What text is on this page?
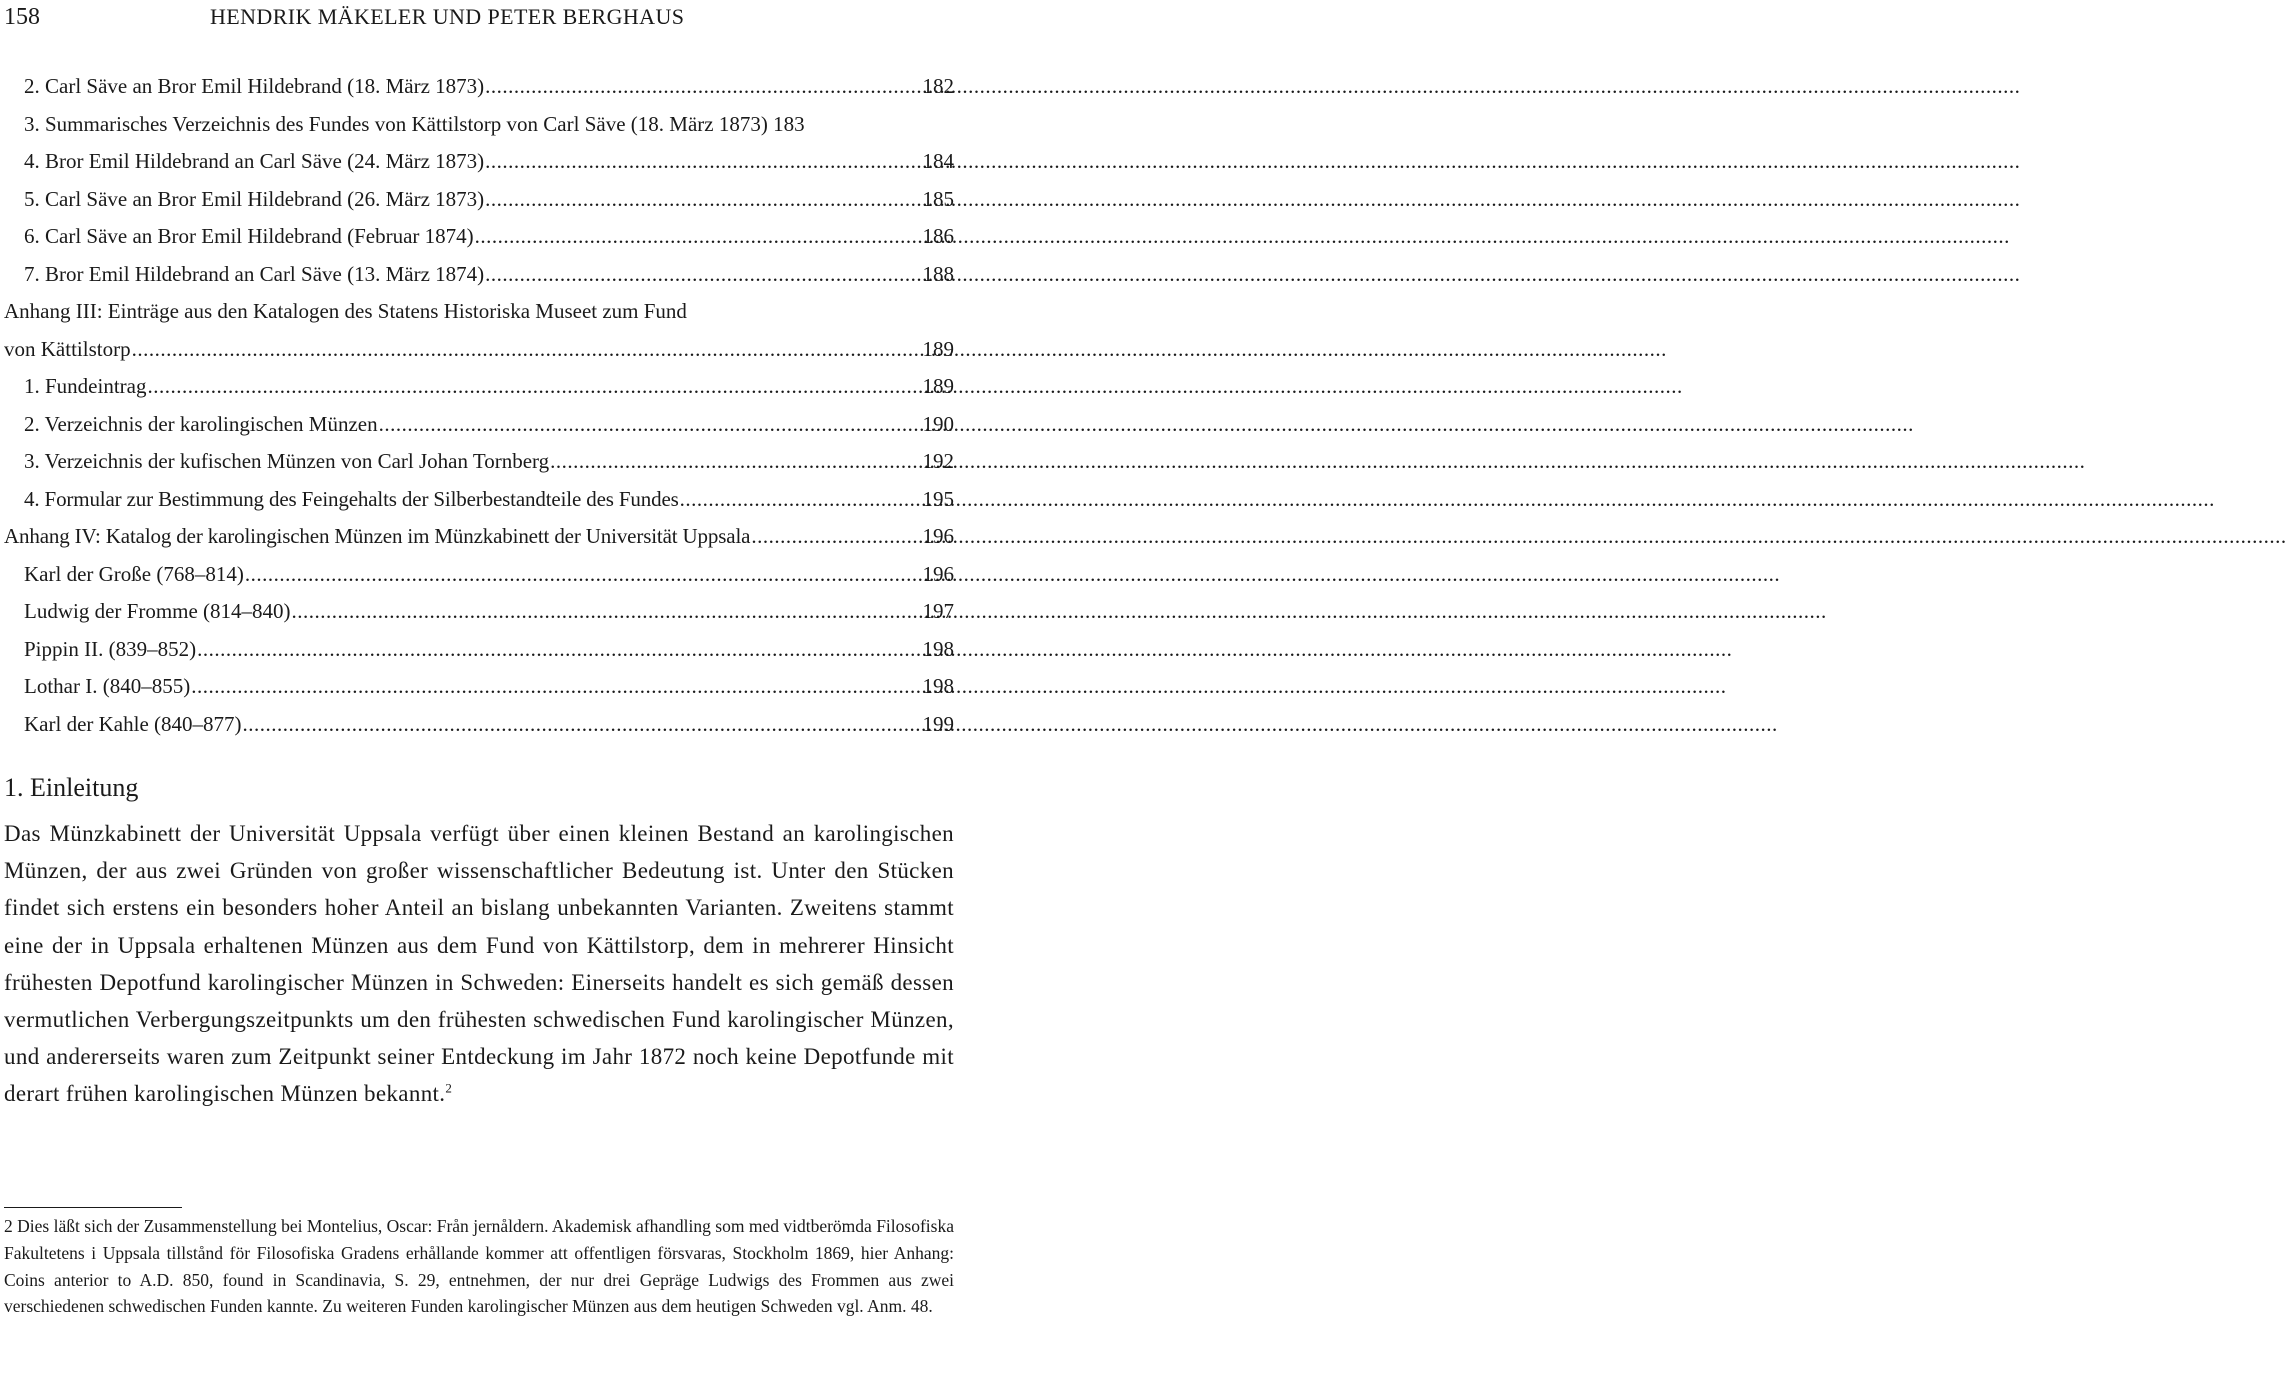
158	HENDRIK MÄKELER UND PETER BERGHAUS
2. Carl Säve an Bror Emil Hildebrand (18. März 1873) .....	182
3. Summarisches Verzeichnis des Fundes von Kättilstorp von Carl Säve (18. März 1873) 183
4. Bror Emil Hildebrand an Carl Säve (24. März 1873) .....	184
5. Carl Säve an Bror Emil Hildebrand (26. März 1873) .....	185
6. Carl Säve an Bror Emil Hildebrand (Februar 1874) .....	186
7. Bror Emil Hildebrand an Carl Säve (13. März 1874) .....	188
Anhang III: Einträge aus den Katalogen des Statens Historiska Museet zum Fund
von Kättilstorp .....	189
1. Fundeintrag .....	189
2. Verzeichnis der karolingischen Münzen .....	190
3. Verzeichnis der kufischen Münzen von Carl Johan Tornberg .....	192
4. Formular zur Bestimmung des Feingehalts der Silberbestandteile des Fundes .....	195
Anhang IV: Katalog der karolingischen Münzen im Münzkabinett der Universität Uppsala .....	196
Karl der Große (768–814) .....	196
Ludwig der Fromme (814–840) .....	197
Pippin II. (839–852) .....	198
Lothar I. (840–855) .....	198
Karl der Kahle (840–877) .....	199
1. Einleitung

Das Münzkabinett der Universität Uppsala verfügt über einen kleinen Bestand an karolingischen Münzen, der aus zwei Gründen von großer wissenschaftlicher Bedeutung ist. Unter den Stücken findet sich erstens ein besonders hoher Anteil an bislang unbekannten Varianten. Zweitens stammt eine der in Uppsala erhaltenen Münzen aus dem Fund von Kättilstorp, dem in mehrerer Hinsicht frühesten Depotfund karolingischer Münzen in Schweden: Einerseits handelt es sich gemäß dessen vermutlichen Verbergungszeitpunkts um den frühesten schwedischen Fund karolingischer Münzen, und andererseits waren zum Zeitpunkt seiner Entdeckung im Jahr 1872 noch keine Depotfunde mit derart frühen karolingischen Münzen bekannt.$^2$

2 Dies läßt sich der Zusammenstellung bei Montelius, Oscar: Från jernåldern. Akademisk afhandling som med vidtberömda Filosofiska Fakultetens i Uppsala tillstånd för Filosofiska Gradens erhållande kommer att offentligen försvaras, Stockholm 1869, hier Anhang: Coins anterior to A.D. 850, found in Scandinavia, S. 29, entnehmen, der nur drei Gepräge Ludwigs des Frommen aus zwei verschiedenen schwedischen Funden kannte. Zu weiteren Funden karolingischer Münzen aus dem heutigen Schweden vgl. Anm. 48.
